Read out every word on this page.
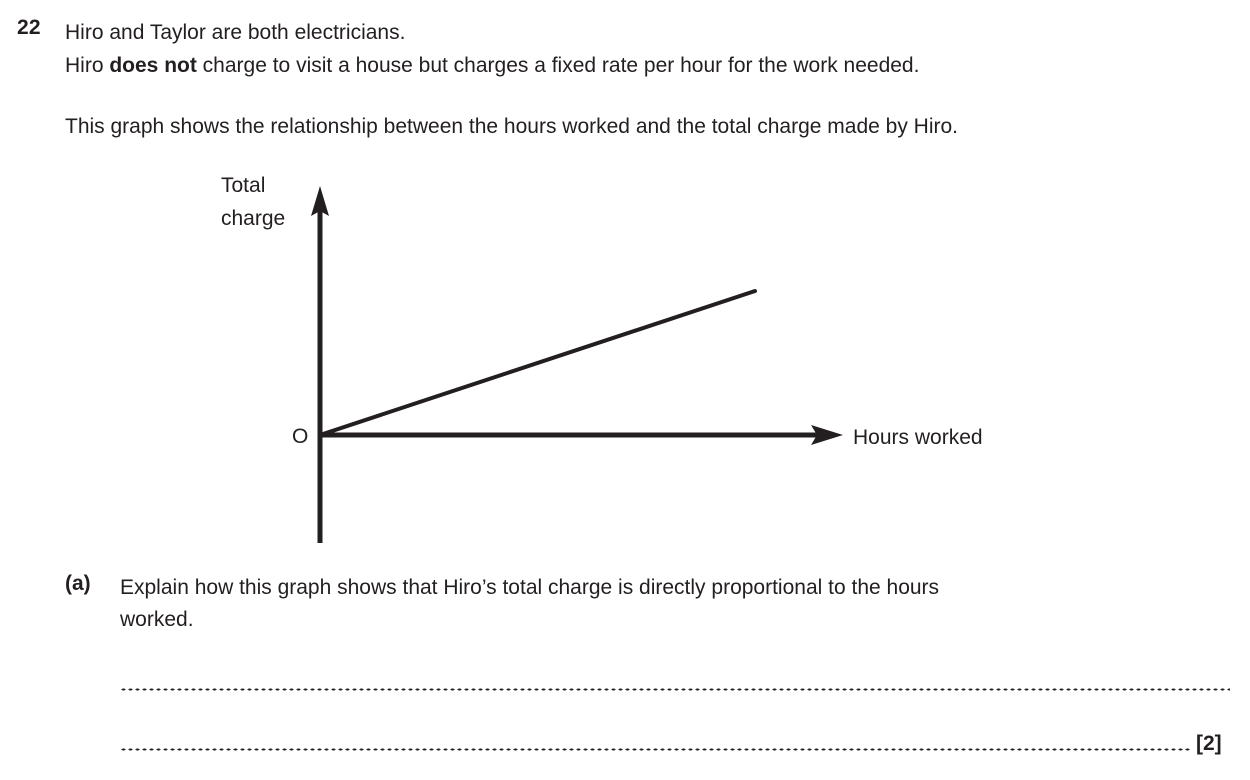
22 Hiro and Taylor are both electricians.
Hiro does not charge to visit a house but charges a fixed rate per hour for the work needed.
This graph shows the relationship between the hours worked and the total charge made by Hiro.
Total
charge
O	Hours worked
(a) Explain how this graph shows that Hiro’s total charge is directly proportional to the hours
worked.
[2]
